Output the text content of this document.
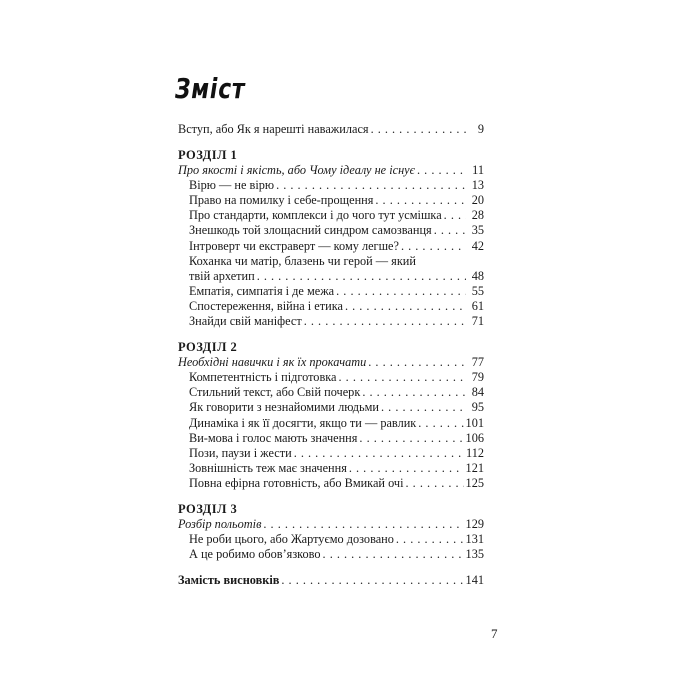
Зміст
Вступ, або Як я нарешті наважилася . . .	9
РОЗДІЛ 1
Про якості і якість, або Чому ідеалу не існує . . .	11
Вірю — не вірю . . .	13
Право на помилку і себе-прощення . . .	20
Про стандарти, комплекси і до чого тут усмішка . . .	28
Знешкодь той злощасний синдром самозванця . . .	35
Інтроверт чи екстраверт — кому легше? . . .	42
Коханка чи матір, блазень чи герой — який
твій архетип . . .	48
Емпатія, симпатія і де межа . . .	55
Спостереження, війна і етика . . .	61
Знайди свій маніфест . . .	71
РОЗДІЛ 2
Необхідні навички і як їх прокачати . . .	77
Компетентність і підготовка . . .	79
Стильний текст, або Свій почерк . . .	84
Як говорити з незнайомими людьми . . .	95
Динаміка і як її досягти, якщо ти — равлик . . .	101
Ви-мова і голос мають значення . . .	106
Пози, паузи і жести . . .	112
Зовнішність теж має значення . . .	121
Повна ефірна готовність, або Вмикай очі . . .	125
РОЗДІЛ 3
Розбір польотів . . .	129
Не роби цього, або Жартуємо дозовано . . .	131
А це робимо обов’язково . . .	135
Замість висновків . . .	141
7
